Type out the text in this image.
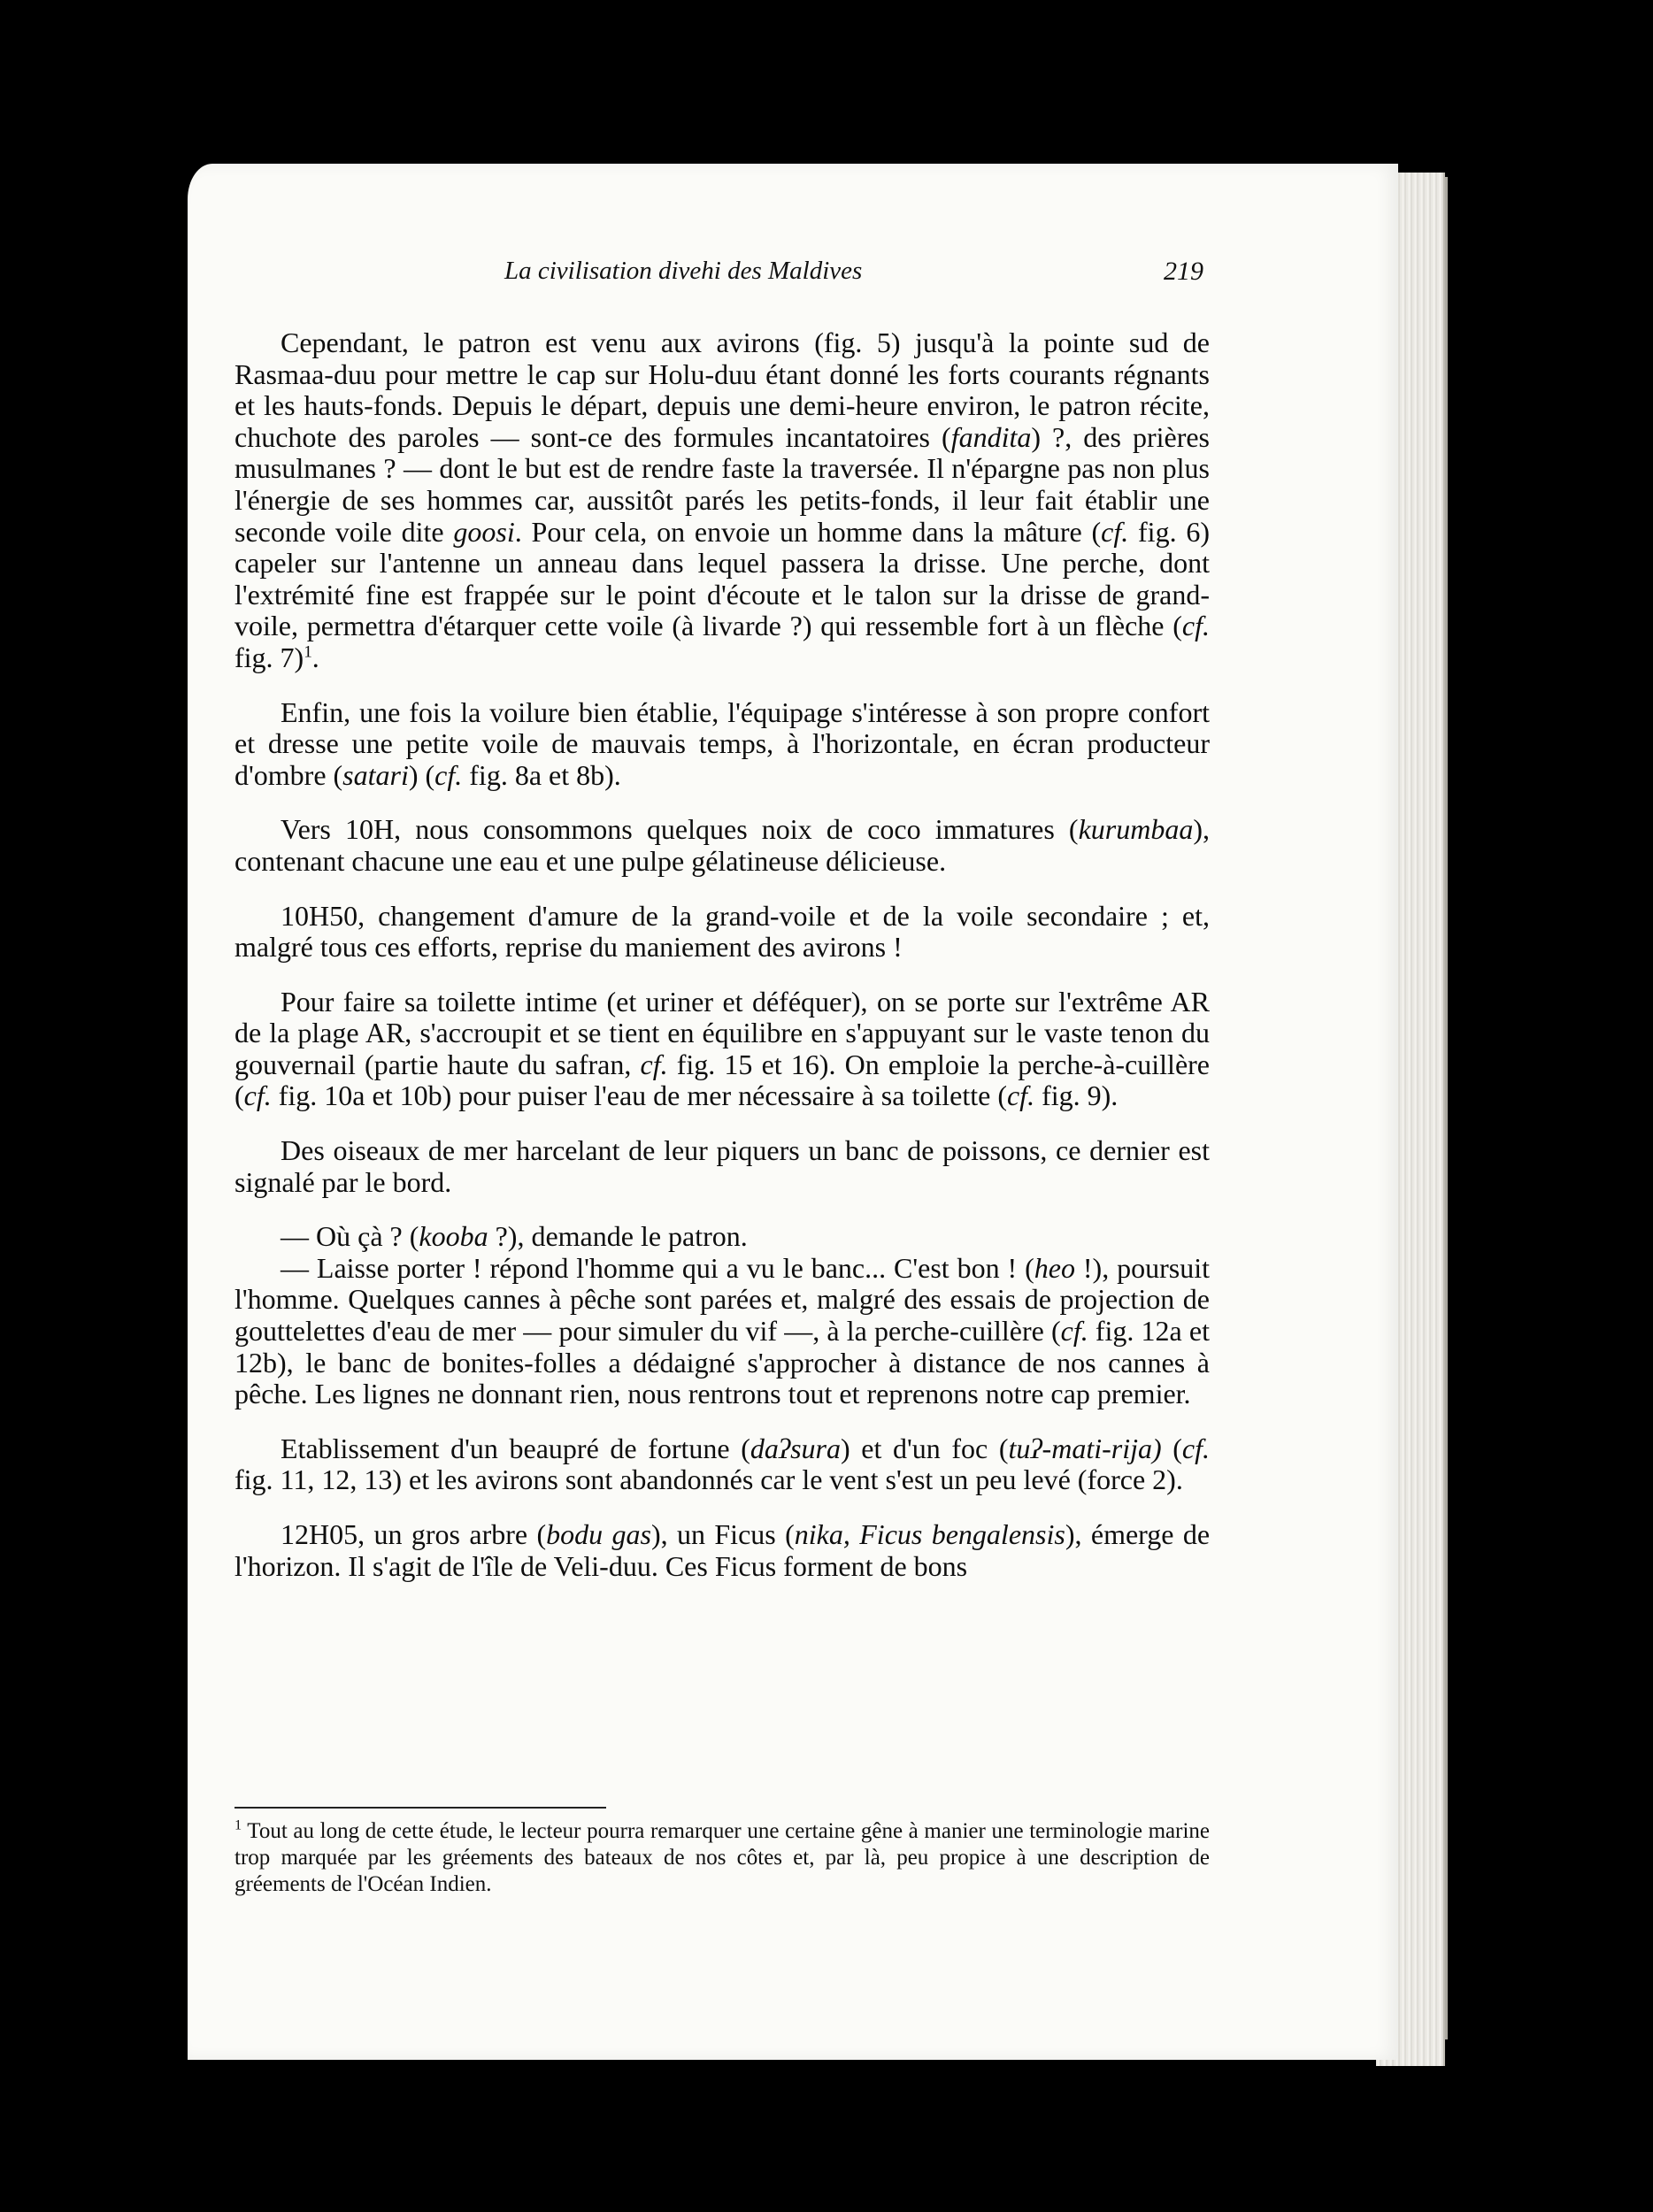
La civilisation divehi des Maldives	219

Cependant, le patron est venu aux avirons (fig. 5) jusqu'à la pointe sud de Rasmaa-duu pour mettre le cap sur Holu-duu étant donné les forts courants régnants et les hauts-fonds. Depuis le départ, depuis une demi-heure environ, le patron récite, chuchote des paroles — sont-ce des formules incantatoires (fandita) ?, des prières musulmanes ? — dont le but est de rendre faste la traversée. Il n'épargne pas non plus l'énergie de ses hommes car, aussitôt parés les petits-fonds, il leur fait établir une seconde voile dite goosi. Pour cela, on envoie un homme dans la mâture (cf. fig. 6) capeler sur l'antenne un anneau dans lequel passera la drisse. Une perche, dont l'extrémité fine est frappée sur le point d'écoute et le talon sur la drisse de grand-voile, permettra d'étarquer cette voile (à livarde ?) qui ressemble fort à un flèche (cf. fig. 7)$^1$.

Enfin, une fois la voilure bien établie, l'équipage s'intéresse à son propre confort et dresse une petite voile de mauvais temps, à l'horizontale, en écran producteur d'ombre (satari) (cf. fig. 8a et 8b).

Vers 10H, nous consommons quelques noix de coco immatures (kurumbaa), contenant chacune une eau et une pulpe gélatineuse délicieuse.

10H50, changement d'amure de la grand-voile et de la voile secondaire ; et, malgré tous ces efforts, reprise du maniement des avirons !

Pour faire sa toilette intime (et uriner et déféquer), on se porte sur l'extrême AR de la plage AR, s'accroupit et se tient en équilibre en s'appuyant sur le vaste tenon du gouvernail (partie haute du safran, cf. fig. 15 et 16). On emploie la perche-à-cuillère (cf. fig. 10a et 10b) pour puiser l'eau de mer nécessaire à sa toilette (cf. fig. 9).

Des oiseaux de mer harcelant de leur piquers un banc de poissons, ce dernier est signalé par le bord.

— Où çà ? (kooba ?), demande le patron.

— Laisse porter ! répond l'homme qui a vu le banc... C'est bon ! (heo !), poursuit l'homme. Quelques cannes à pêche sont parées et, malgré des essais de projection de gouttelettes d'eau de mer — pour simuler du vif —, à la perche-cuillère (cf. fig. 12a et 12b), le banc de bonites-folles a dédaigné s'approcher à distance de nos cannes à pêche. Les lignes ne donnant rien, nous rentrons tout et reprenons notre cap premier.

Etablissement d'un beaupré de fortune (daʔsura) et d'un foc (tuʔ-mati-rija) (cf. fig. 11, 12, 13) et les avirons sont abandonnés car le vent s'est un peu levé (force 2).

12H05, un gros arbre (bodu gas), un Ficus (nika, Ficus bengalensis), émerge de l'horizon. Il s'agit de l'île de Veli-duu. Ces Ficus forment de bons

$^1$ Tout au long de cette étude, le lecteur pourra remarquer une certaine gêne à manier une terminologie marine trop marquée par les gréements des bateaux de nos côtes et, par là, peu propice à une description de gréements de l'Océan Indien.
